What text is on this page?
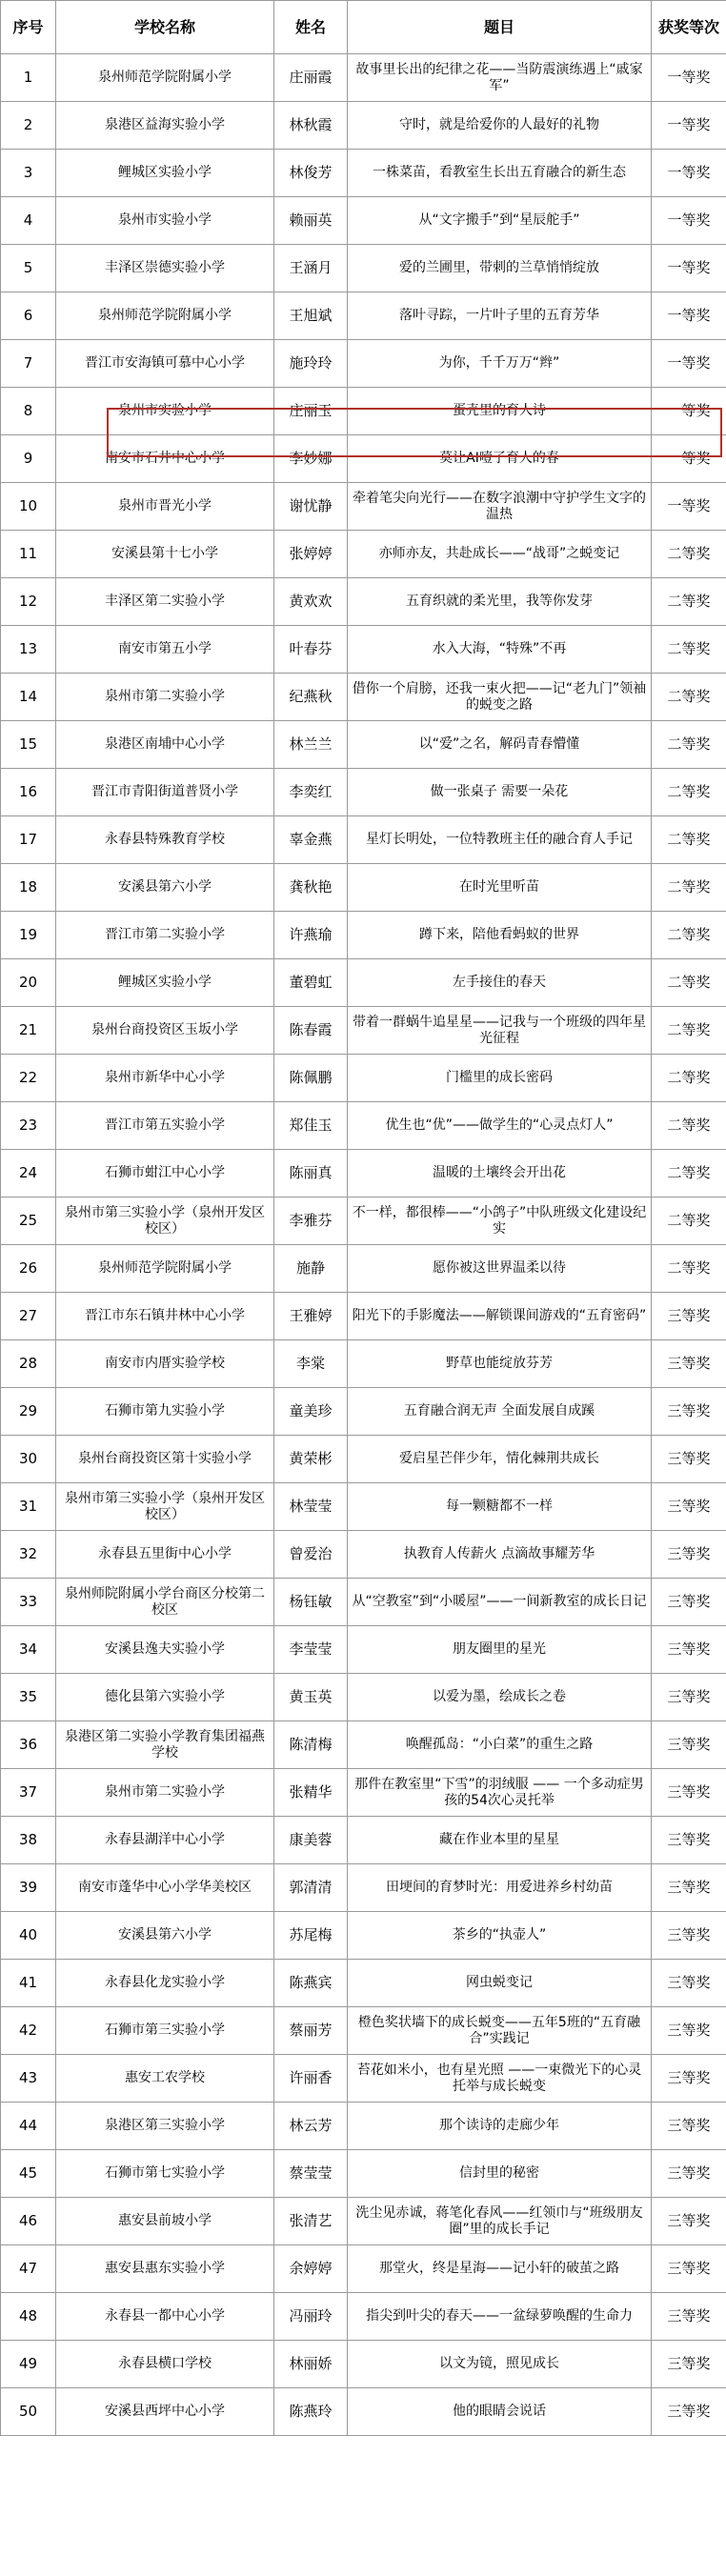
序号	学校名称	姓名	题目	获奖等次
1	泉州师范学院附属小学	庄丽霞	故事里长出的纪律之花——当防震演练遇上“戚家军”	一等奖
2	泉港区益海实验小学	林秋霞	守时，就是给爱你的人最好的礼物	一等奖
3	鲤城区实验小学	林俊芳	一株菜苗，看教室生长出五育融合的新生态	一等奖
4	泉州市实验小学	赖丽英	从“文字搬手”到“星辰舵手”	一等奖
5	丰泽区崇德实验小学	王涵月	爱的兰圃里，带刺的兰草悄悄绽放	一等奖
6	泉州师范学院附属小学	王旭斌	落叶寻踪，一片叶子里的五育芳华	一等奖
7	晋江市安海镇可慕中心小学	施玲玲	为你，千千万万“辫”	一等奖
8	泉州市实验小学	庄丽玉	蛋壳里的育人诗	一等奖
9	南安市石井中心小学	李妙娜	莫让AI噎了育人的春	一等奖
10	泉州市晋光小学	谢忧静	牵着笔尖向光行——在数字浪潮中守护学生文字的温热	一等奖
11	安溪县第十七小学	张婷婷	亦师亦友，共赴成长——“战哥”之蜕变记	二等奖
12	丰泽区第二实验小学	黄欢欢	五育织就的柔光里，我等你发芽	二等奖
13	南安市第五小学	叶春芬	水入大海，“特殊”不再	二等奖
14	泉州市第二实验小学	纪燕秋	借你一个肩膀，还我一束火把——记“老九门”领袖的蜕变之路	二等奖
15	泉港区南埔中心小学	林兰兰	以“爱”之名，解码青春懵懂	二等奖
16	晋江市青阳街道普贤小学	李奕红	做一张桌子 需要一朵花	二等奖
17	永春县特殊教育学校	辜金燕	星灯长明处，一位特教班主任的融合育人手记	二等奖
18	安溪县第六小学	龚秋艳	在时光里听苗	二等奖
19	晋江市第二实验小学	许燕瑜	蹲下来，陪他看蚂蚁的世界	二等奖
20	鲤城区实验小学	董碧虹	左手接住的春天	二等奖
21	泉州台商投资区玉坂小学	陈春霞	带着一群蜗牛追星星——记我与一个班级的四年星光征程	二等奖
22	泉州市新华中心小学	陈佩鹏	门槛里的成长密码	二等奖
23	晋江市第五实验小学	郑佳玉	优生也“优”——做学生的“心灵点灯人”	二等奖
24	石狮市蚶江中心小学	陈丽真	温暖的土壤终会开出花	二等奖
25	泉州市第三实验小学（泉州开发区校区）	李雅芬	不一样，都很棒——“小鸽子”中队班级文化建设纪实	二等奖
26	泉州师范学院附属小学	施静	愿你被这世界温柔以待	二等奖
27	晋江市东石镇井林中心小学	王雅婷	阳光下的手影魔法——解锁课间游戏的“五育密码”	三等奖
28	南安市内厝实验学校	李棠	野草也能绽放芬芳	三等奖
29	石狮市第九实验小学	童美珍	五育融合润无声 全面发展自成蹊	三等奖
30	泉州台商投资区第十实验小学	黄荣彬	爱启星芒伴少年，情化棘荆共成长	三等奖
31	泉州市第三实验小学（泉州开发区校区）	林莹莹	每一颗糖都不一样	三等奖
32	永春县五里街中心小学	曾爱治	执教育人传薪火 点滴故事耀芳华	三等奖
33	泉州师院附属小学台商区分校第二校区	杨钰敏	从“空教室”到“小暖屋”——一间新教室的成长日记	三等奖
34	安溪县逸夫实验小学	李莹莹	朋友圈里的星光	三等奖
35	德化县第六实验小学	黄玉英	以爱为墨，绘成长之卷	三等奖
36	泉港区第二实验小学教育集团福燕学校	陈清梅	唤醒孤岛：“小白菜”的重生之路	三等奖
37	泉州市第二实验小学	张精华	那件在教室里“下雪”的羽绒服 —— 一个多动症男孩的54次心灵托举	三等奖
38	永春县湖洋中心小学	康美蓉	藏在作业本里的星星	三等奖
39	南安市蓬华中心小学华美校区	郭清清	田埂间的育梦时光：用爱进养乡村幼苗	三等奖
40	安溪县第六小学	苏尾梅	茶乡的“执壶人”	三等奖
41	永春县化龙实验小学	陈燕宾	网虫蜕变记	三等奖
42	石狮市第三实验小学	蔡丽芳	橙色奖状墙下的成长蜕变——五年5班的“五育融合”实践记	三等奖
43	惠安工农学校	许丽香	苔花如米小，也有星光照 ——一束微光下的心灵托举与成长蜕变	三等奖
44	泉港区第三实验小学	林云芳	那个读诗的走廊少年	三等奖
45	石狮市第七实验小学	蔡莹莹	信封里的秘密	三等奖
46	惠安县前坡小学	张清艺	洗尘见赤诚，蒋笔化春风——红领巾与“班级朋友圈”里的成长手记	三等奖
47	惠安县惠东实验小学	余婷婷	那堂火，终是星海——记小轩的破茧之路	三等奖
48	永春县一都中心小学	冯丽玲	指尖到叶尖的春天——一盆绿萝唤醒的生命力	三等奖
49	永春县横口学校	林丽娇	以文为镜，照见成长	三等奖
50	安溪县西坪中心小学	陈燕玲	他的眼睛会说话	三等奖
